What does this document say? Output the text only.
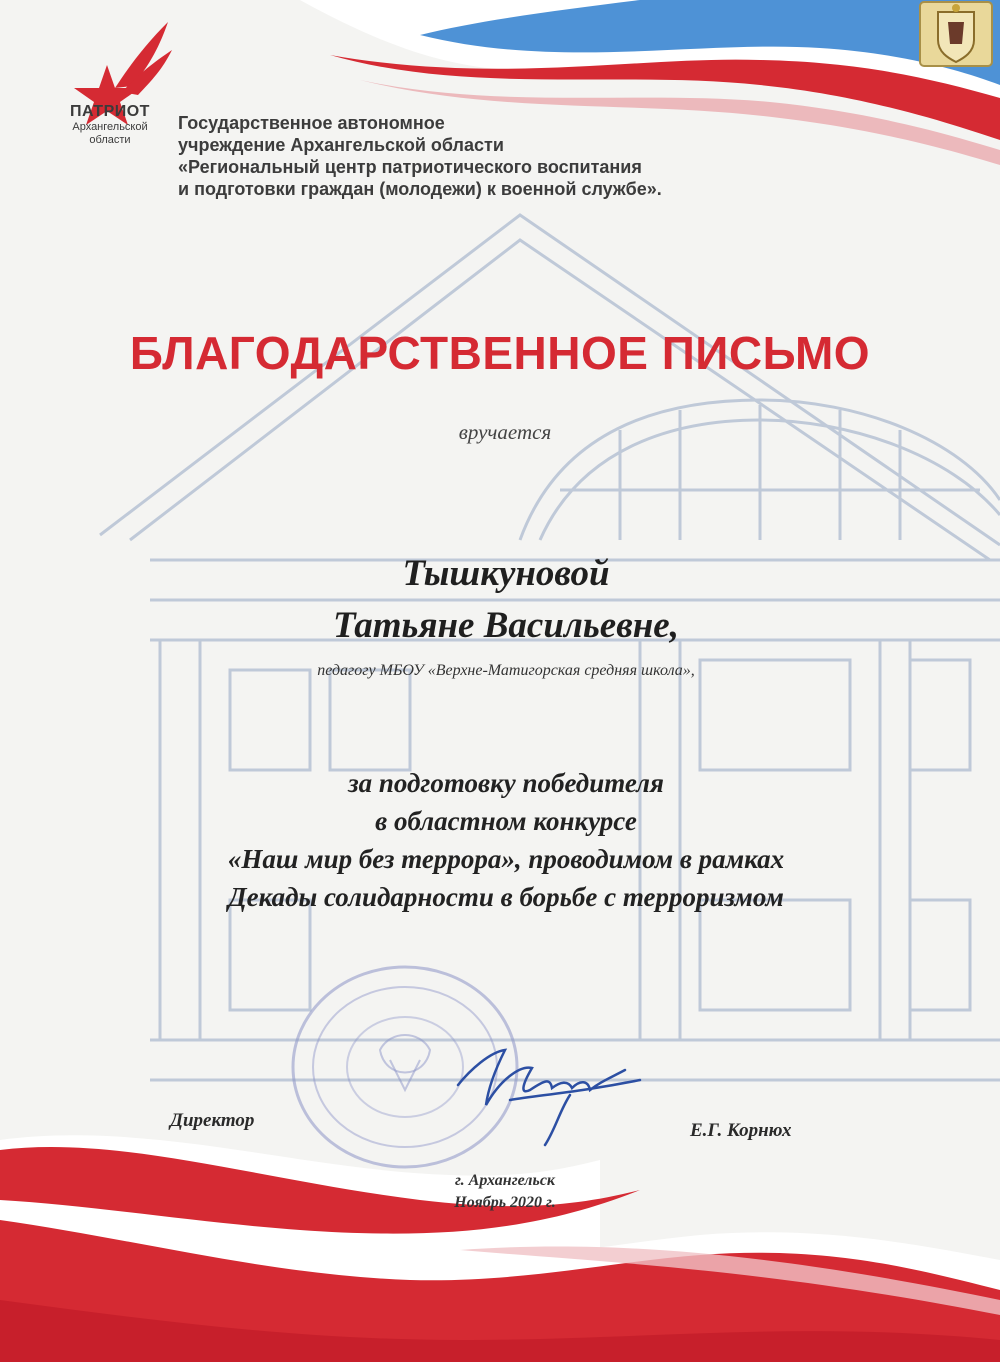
ПАТРИОТ
Архангельской области
Государственное автономное
учреждение Архангельской области
«Региональный центр патриотического воспитания
и подготовки граждан (молодежи) к военной службе».
БЛАГОДАРСТВЕННОЕ ПИСЬМО
вручается
Тышкуновой
Татьяне Васильевне,
педагогу МБОУ «Верхне-Матигорская средняя школа»,
за подготовку победителя
в областном конкурсе
«Наш мир без террора», проводимом в рамках
Декады солидарности в борьбе с терроризмом
Директор	Е.Г. Корнюх
г. Архангельск
Ноябрь 2020 г.
